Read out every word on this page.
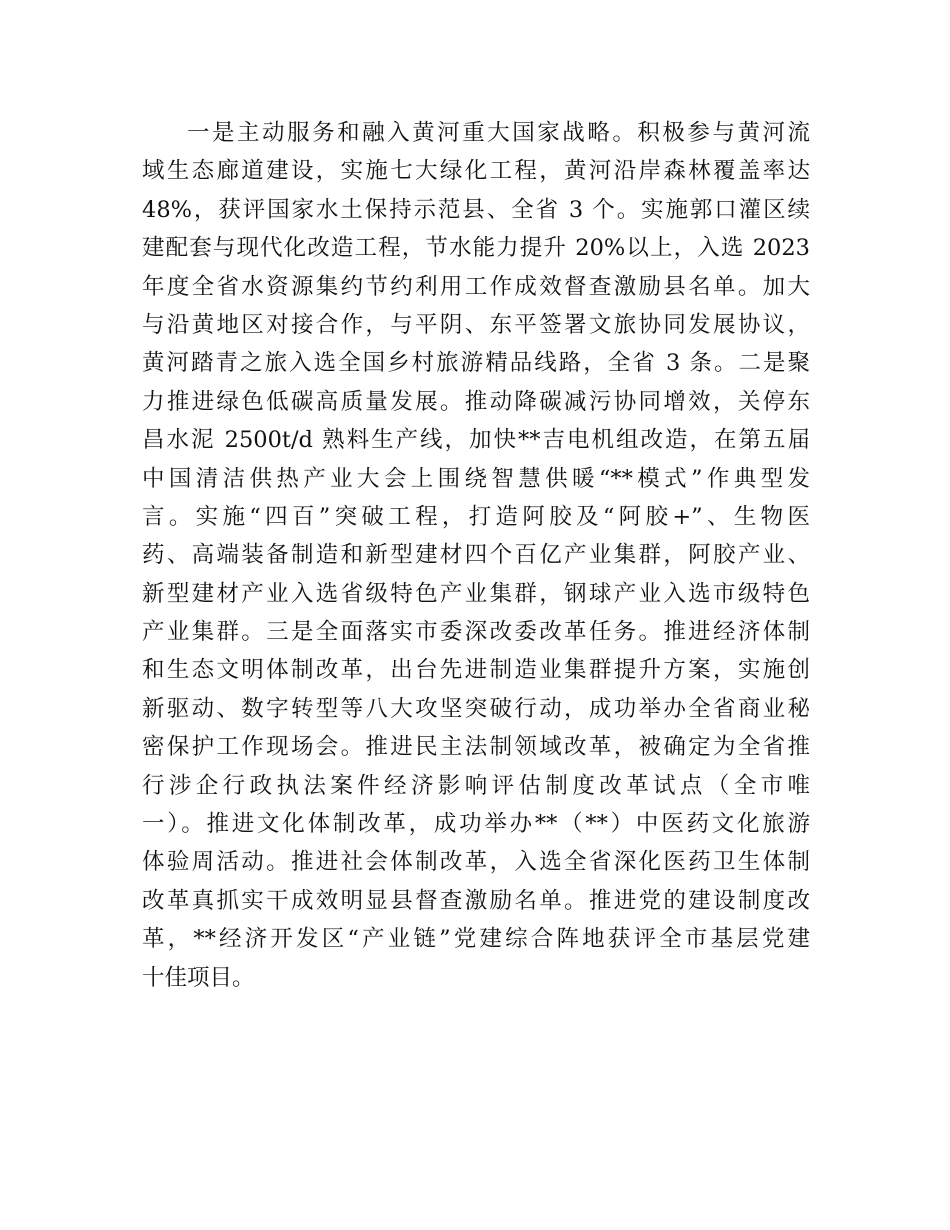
一是主动服务和融入黄河重大国家战略。积极参与黄河流
域生态廊道建设，实施七大绿化工程，黄河沿岸森林覆盖率达
48%，获评国家水土保持示范县、全省 3 个。实施郭口灌区续
建配套与现代化改造工程，节水能力提升 20%以上，入选 2023
年度全省水资源集约节约利用工作成效督查激励县名单。加大
与沿黄地区对接合作，与平阴、东平签署文旅协同发展协议，
黄河踏青之旅入选全国乡村旅游精品线路，全省 3 条。二是聚
力推进绿色低碳高质量发展。推动降碳减污协同增效，关停东
昌水泥 2500t/d 熟料生产线，加快**吉电机组改造，在第五届
中国清洁供热产业大会上围绕智慧供暖“**模式”作典型发
言。实施“四百”突破工程，打造阿胶及“阿胶+”、生物医
药、高端装备制造和新型建材四个百亿产业集群，阿胶产业、
新型建材产业入选省级特色产业集群，钢球产业入选市级特色
产业集群。三是全面落实市委深改委改革任务。推进经济体制
和生态文明体制改革，出台先进制造业集群提升方案，实施创
新驱动、数字转型等八大攻坚突破行动，成功举办全省商业秘
密保护工作现场会。推进民主法制领域改革，被确定为全省推
行涉企行政执法案件经济影响评估制度改革试点（全市唯
一）。推进文化体制改革，成功举办**（**）中医药文化旅游
体验周活动。推进社会体制改革，入选全省深化医药卫生体制
改革真抓实干成效明显县督查激励名单。推进党的建设制度改
革，**经济开发区“产业链”党建综合阵地获评全市基层党建
十佳项目。
